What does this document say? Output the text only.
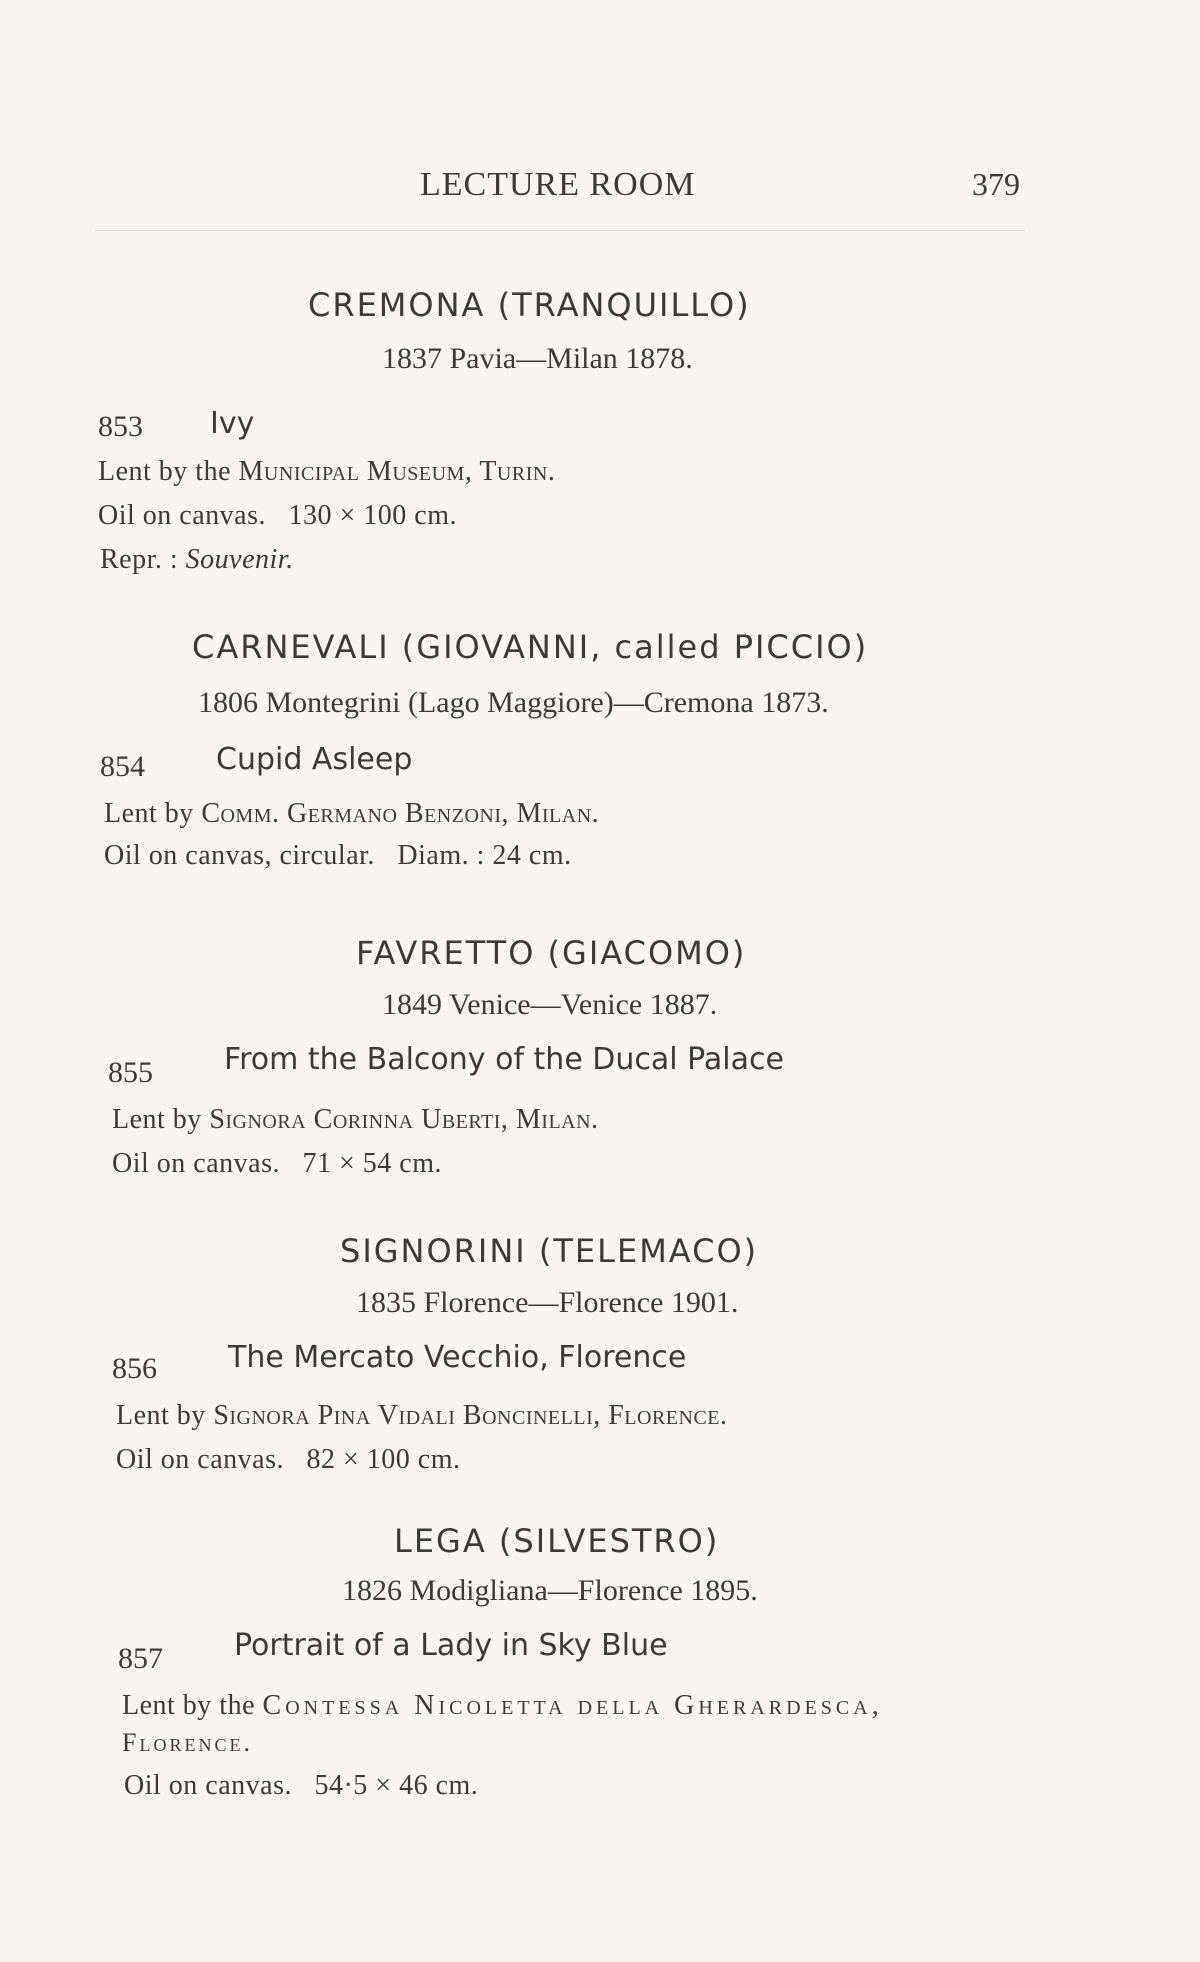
LECTURE ROOM	379
CREMONA (TRANQUILLO)
1837 Pavia—Milan 1878.
853 Ivy
Lent by the Municipal Museum, Turin.
Oil on canvas. 130 × 100 cm.
Repr. : Souvenir.
CARNEVALI (GIOVANNI, called PICCIO)
1806 Montegrini (Lago Maggiore)—Cremona 1873.
854 Cupid Asleep
Lent by Comm. Germano Benzoni, Milan.
Oil on canvas, circular. Diam. : 24 cm.
FAVRETTO (GIACOMO)
1849 Venice—Venice 1887.
855 From the Balcony of the Ducal Palace
Lent by Signora Corinna Uberti, Milan.
Oil on canvas. 71 × 54 cm.
SIGNORINI (TELEMACO)
1835 Florence—Florence 1901.
856 The Mercato Vecchio, Florence
Lent by Signora Pina Vidali Boncinelli, Florence.
Oil on canvas. 82 × 100 cm.
LEGA (SILVESTRO)
1826 Modigliana—Florence 1895.
857 Portrait of a Lady in Sky Blue
Lent by the Contessa Nicoletta della Gherardesca,
Florence.
Oil on canvas. 54·5 × 46 cm.
